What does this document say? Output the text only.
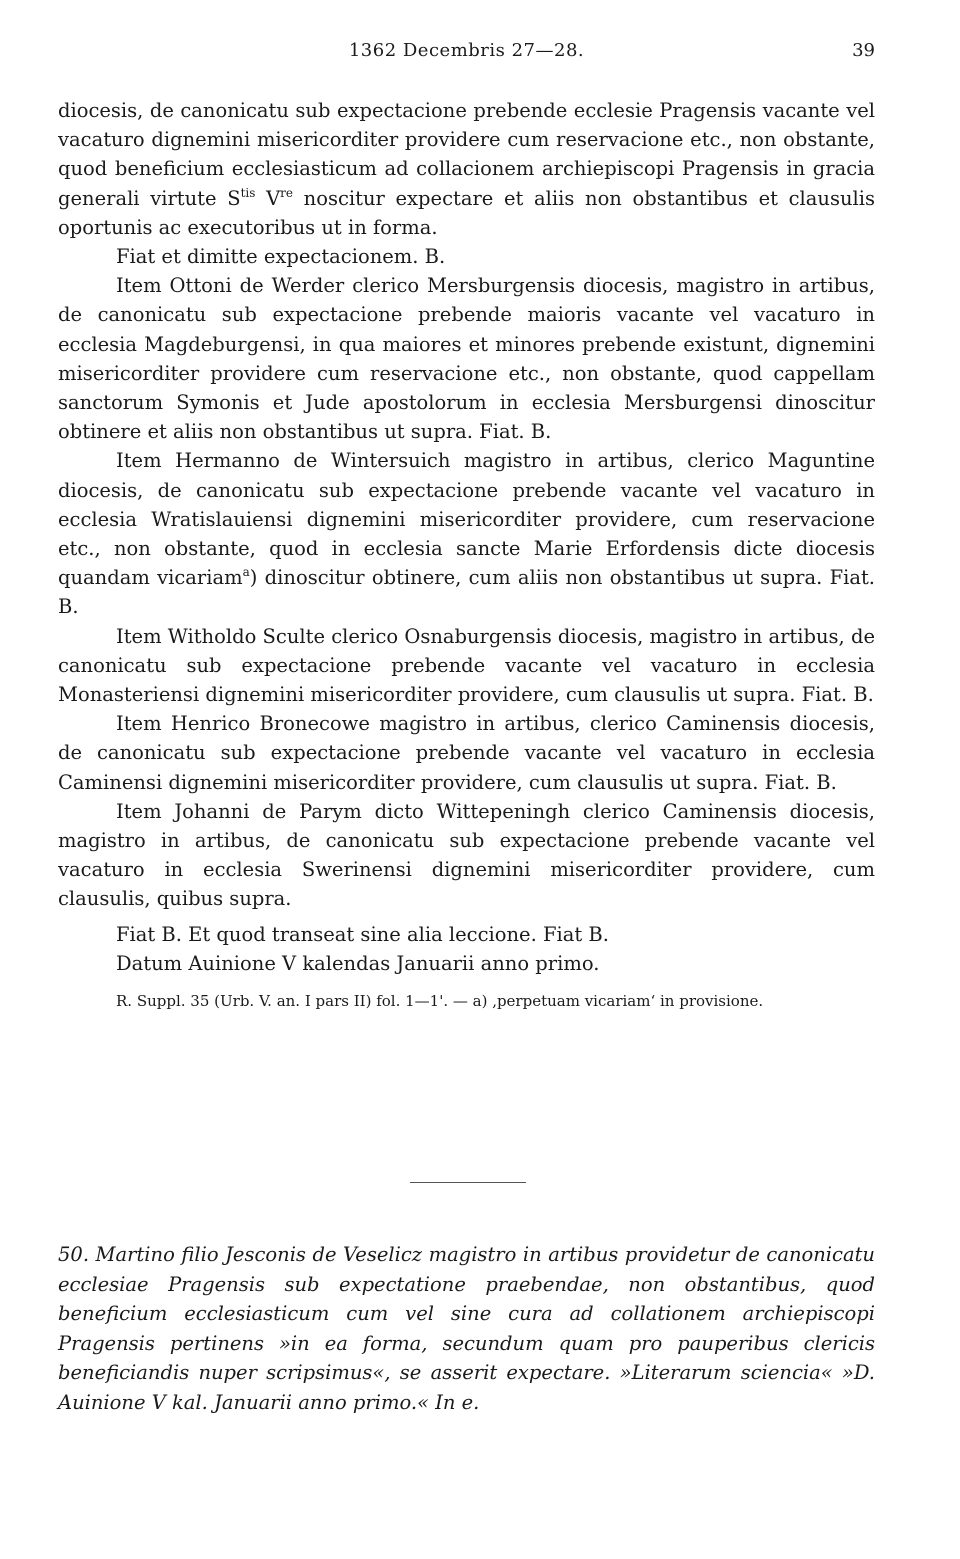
1362 Decembris 27—28.	39

diocesis, de canonicatu sub expectacione prebende ecclesie Pragensis vacante vel vacaturo dignemini misericorditer providere cum reservacione etc., non obstante, quod beneficium ecclesiasticum ad collacionem archiepiscopi Pragensis in gracia generali virtute $S^{tis}$ Vre noscitur expectare et aliis non obstantibus et clausulis oportunis ac executoribus ut in forma.

Fiat et dimitte expectacionem. B.

Item Ottoni de Werder clerico Mersburgensis diocesis, magistro in artibus, de canonicatu sub expectacione prebende maioris vacante vel vacaturo in ecclesia Magdeburgensi, in qua maiores et minores prebende existunt, dignemini misericorditer providere cum reservacione etc., non obstante, quod cappellam sanctorum Symonis et Jude apostolorum in ecclesia Mersburgensi dinoscitur obtinere et aliis non obstantibus ut supra. Fiat. B.

Item Hermanno de Wintersuich magistro in artibus, clerico Maguntine diocesis, de canonicatu sub expectacione prebende vacante vel vacaturo in ecclesia Wratislauiensi dignemini misericorditer providere, cum reservacione etc., non obstante, quod in ecclesia sancte Marie Erfordensis dicte diocesis quandam vicariam$^a$) dinoscitur obtinere, cum aliis non obstantibus ut supra. Fiat. B.

Item Witholdo Sculte clerico Osnaburgensis diocesis, magistro in artibus, de canonicatu sub expectacione prebende vacante vel vacaturo in ecclesia Monasteriensi dignemini misericorditer providere, cum clausulis ut supra. Fiat. B.

Item Henrico Bronecowe magistro in artibus, clerico Caminensis diocesis, de canonicatu sub expectacione prebende vacante vel vacaturo in ecclesia Caminensi dignemini misericorditer providere, cum clausulis ut supra. Fiat. B.

Item Johanni de Parym dicto Wittepeningh clerico Caminensis diocesis, magistro in artibus, de canonicatu sub expectacione prebende vacante vel vacaturo in ecclesia Swerinensi dignemini misericorditer providere, cum clausulis, quibus supra.

Fiat B. Et quod transeat sine alia leccione. Fiat B.

Datum Auinione V kalendas Januarii anno primo.

R. Suppl. 35 (Urb. V. an. I pars II) fol. 1—1'. — a) ‚perpetuam vicariam‘ in provisione.
50. Martino filio Jesconis de Veselicz magistro in artibus providetur de canonicatu ecclesiae Pragensis sub expectatione praebendae, non obstantibus, quod beneficium ecclesiasticum cum vel sine cura ad collationem archiepiscopi Pragensis pertinens »in ea forma, secundum quam pro pauperibus clericis beneficiandis nuper scripsimus«, se asserit expectare. »Literarum sciencia« »D. Auinione V kal. Januarii anno primo.« In e.
